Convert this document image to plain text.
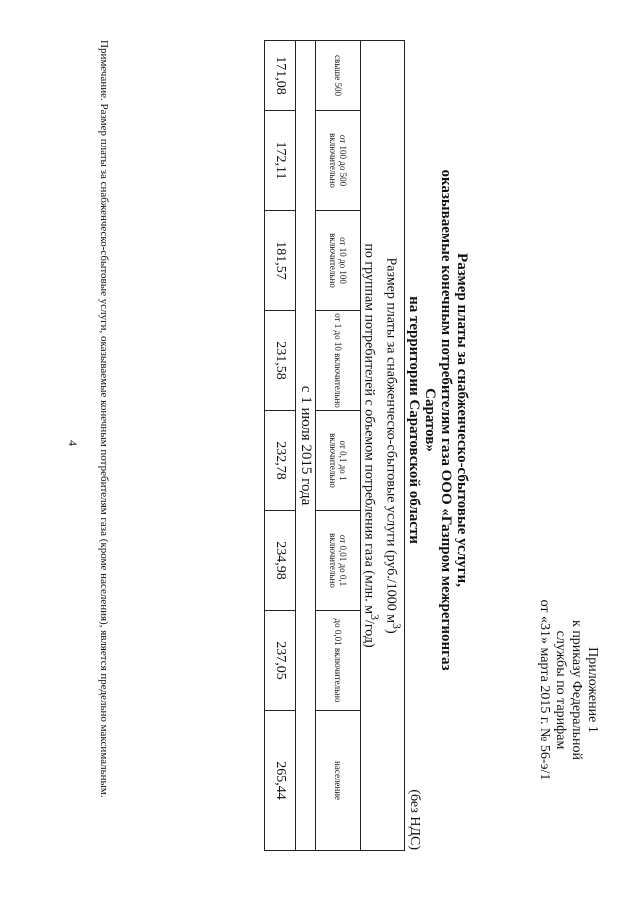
Приложение 1
к приказу Федеральной
службы по тарифам
от «31» марта 2015 г. № 56-э/1
Размер платы за снабженческо-сбытовые услуги,
оказываемые конечным потребителям газа ООО «Газпром межрегионгаз Саратов»
на территории Саратовской области
(без НДС)
Размер платы за снабженческо-сбытовые услуги (руб./1000 $м^3$)
по группам потребителей с объемом потребления газа (млн. $м^3/год$)							

свыше 500	от 100 до 500 включительно	от 10 до 100 включительно	от 1 до 10 включительно	от 0,1 до 1 включительно	от 0,01 до 0,1 включительно	до 0,01 включительно	население
с 1 июля 2015 года							
171,08	172,11	181,57	231,58	232,78	234,98	237,05	265,44
Примечание. Размер платы за снабженческо-сбытовые услуги, оказываемые конечным потребителям газа (кроме населения), является предельно максимальным.
4
